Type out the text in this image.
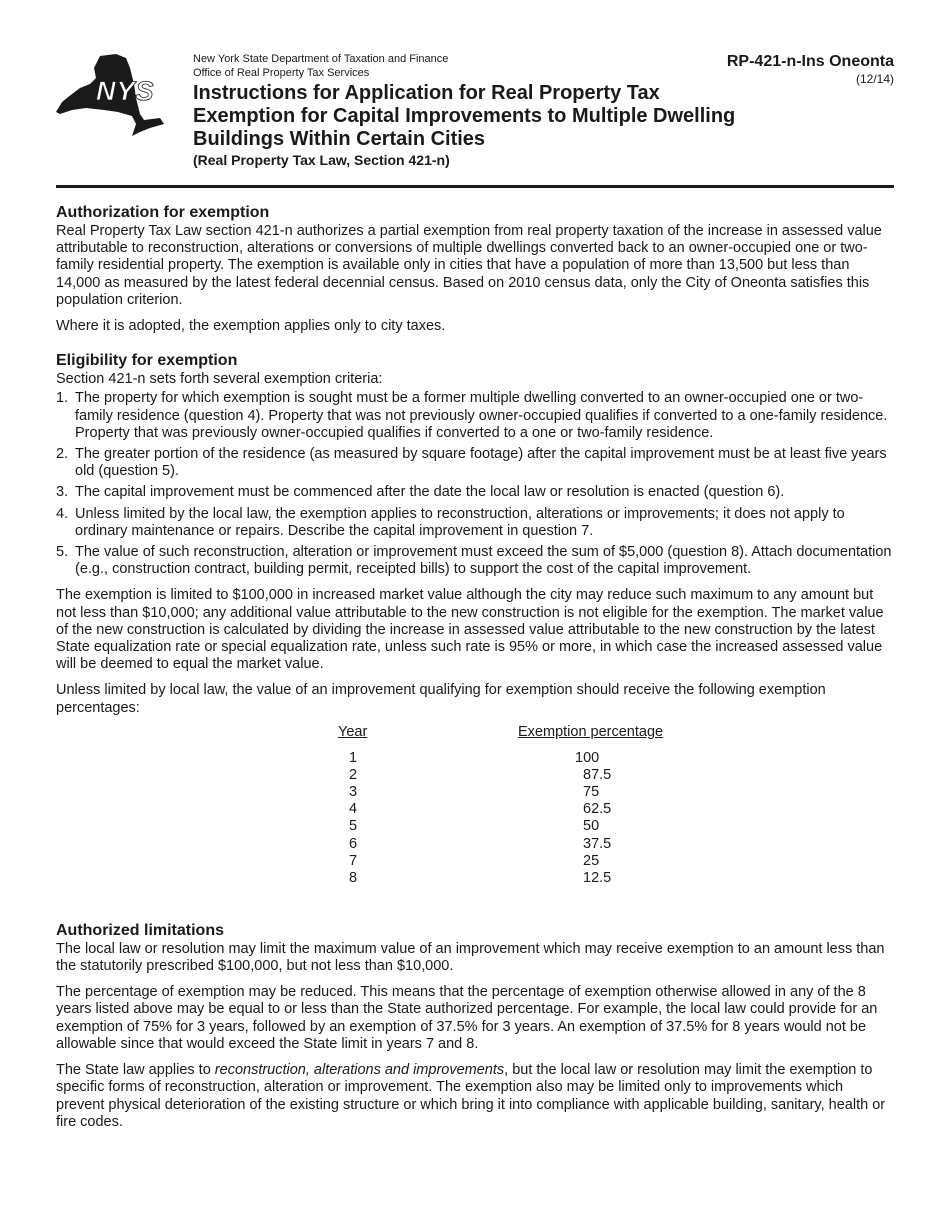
NYS
New York State Department of Taxation and Finance
Office of Real Property Tax Services
Instructions for Application for Real Property Tax Exemption for Capital Improvements to Multiple Dwelling Buildings Within Certain Cities
(Real Property Tax Law, Section 421-n)
RP-421-n-Ins Oneonta
(12/14)
Authorization for exemption

Real Property Tax Law section 421-n authorizes a partial exemption from real property taxation of the increase in assessed value attributable to reconstruction, alterations or conversions of multiple dwellings converted back to an owner-occupied one or two-family residential property. The exemption is available only in cities that have a population of more than 13,500 but less than 14,000 as measured by the latest federal decennial census. Based on 2010 census data, only the City of Oneonta satisfies this population criterion.

Where it is adopted, the exemption applies only to city taxes.

Eligibility for exemption

Section 421-n sets forth several exemption criteria:

1. The property for which exemption is sought must be a former multiple dwelling converted to an owner-occupied one or two-family residence (question 4). Property that was not previously owner-occupied qualifies if converted to a one-family residence. Property that was previously owner-occupied qualifies if converted to a one or two-family residence.
2. The greater portion of the residence (as measured by square footage) after the capital improvement must be at least five years old (question 5).
3. The capital improvement must be commenced after the date the local law or resolution is enacted (question 6).
4. Unless limited by the local law, the exemption applies to reconstruction, alterations or improvements; it does not apply to ordinary maintenance or repairs. Describe the capital improvement in question 7.
5. The value of such reconstruction, alteration or improvement must exceed the sum of $5,000 (question 8). Attach documentation (e.g., construction contract, building permit, receipted bills) to support the cost of the capital improvement.

The exemption is limited to $100,000 in increased market value although the city may reduce such maximum to any amount but not less than $10,000; any additional value attributable to the new construction is not eligible for the exemption. The market value of the new construction is calculated by dividing the increase in assessed value attributable to the new construction by the latest State equalization rate or special equalization rate, unless such rate is 95% or more, in which case the increased assessed value will be deemed to equal the market value.

Unless limited by local law, the value of an improvement qualifying for exemption should receive the following exemption percentages:

Year	Exemption percentage
1	100
2	87.5
3	75
4	62.5
5	50
6	37.5
7	25
8	12.5
Authorized limitations

The local law or resolution may limit the maximum value of an improvement which may receive exemption to an amount less than the statutorily prescribed $100,000, but not less than $10,000.

The percentage of exemption may be reduced. This means that the percentage of exemption otherwise allowed in any of the 8 years listed above may be equal to or less than the State authorized percentage. For example, the local law could provide for an exemption of 75% for 3 years, followed by an exemption of 37.5% for 3 years. An exemption of 37.5% for 8 years would not be allowable since that would exceed the State limit in years 7 and 8.

The State law applies to reconstruction, alterations and improvements, but the local law or resolution may limit the exemption to specific forms of reconstruction, alteration or improvement. The exemption also may be limited only to improvements which prevent physical deterioration of the existing structure or which bring it into compliance with applicable building, sanitary, health or fire codes.
